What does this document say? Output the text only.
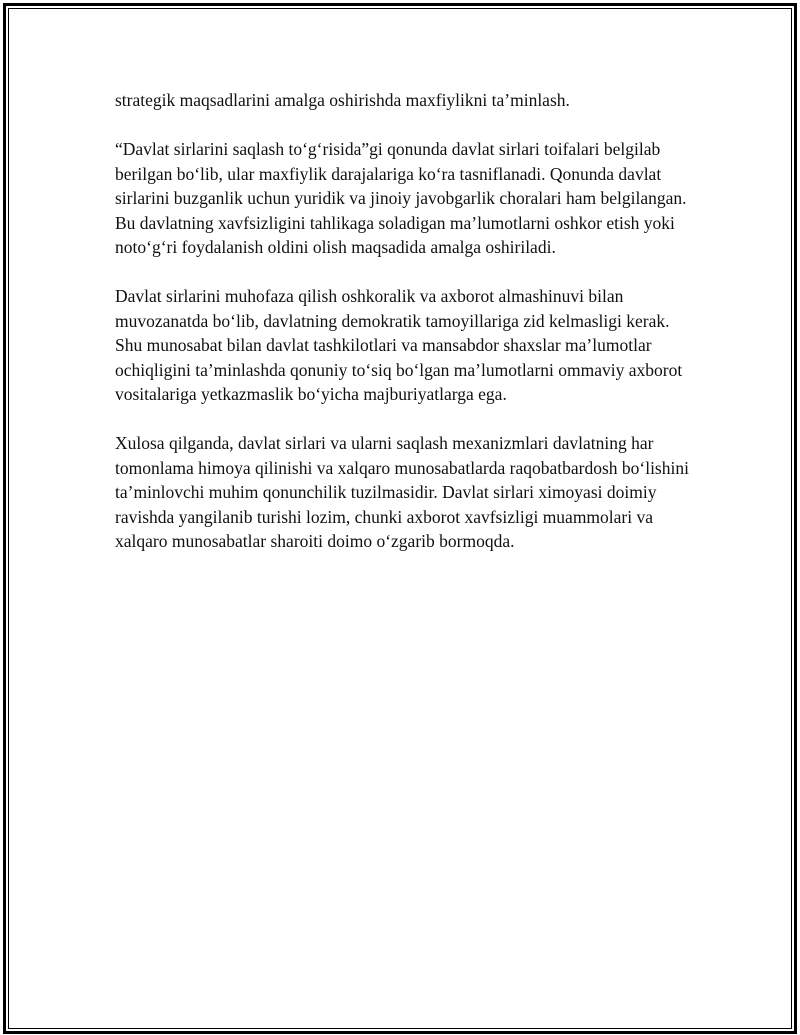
strategik maqsadlarini amalga oshirishda maxfiylikni ta’minlash.

“Davlat sirlarini saqlash to‘g‘risida”gi qonunda davlat sirlari toifalari belgilab berilgan bo‘lib, ular maxfiylik darajalariga ko‘ra tasniflanadi. Qonunda davlat sirlarini buzganlik uchun yuridik va jinoiy javobgarlik choralari ham belgilangan. Bu davlatning xavfsizligini tahlikaga soladigan ma’lumotlarni oshkor etish yoki noto‘g‘ri foydalanish oldini olish maqsadida amalga oshiriladi.

Davlat sirlarini muhofaza qilish oshkoralik va axborot almashinuvi bilan muvozanatda bo‘lib, davlatning demokratik tamoyillariga zid kelmasligi kerak. Shu munosabat bilan davlat tashkilotlari va mansabdor shaxslar ma’lumotlar ochiqligini ta’minlashda qonuniy to‘siq bo‘lgan ma’lumotlarni ommaviy axborot vositalariga yetkazmaslik bo‘yicha majburiyatlarga ega.

Xulosa qilganda, davlat sirlari va ularni saqlash mexanizmlari davlatning har tomonlama himoya qilinishi va xalqaro munosabatlarda raqobatbardosh bo‘lishini ta’minlovchi muhim qonunchilik tuzilmasidir. Davlat sirlari ximoyasi doimiy ravishda yangilanib turishi lozim, chunki axborot xavfsizligi muammolari va xalqaro munosabatlar sharoiti doimo o‘zgarib bormoqda.
